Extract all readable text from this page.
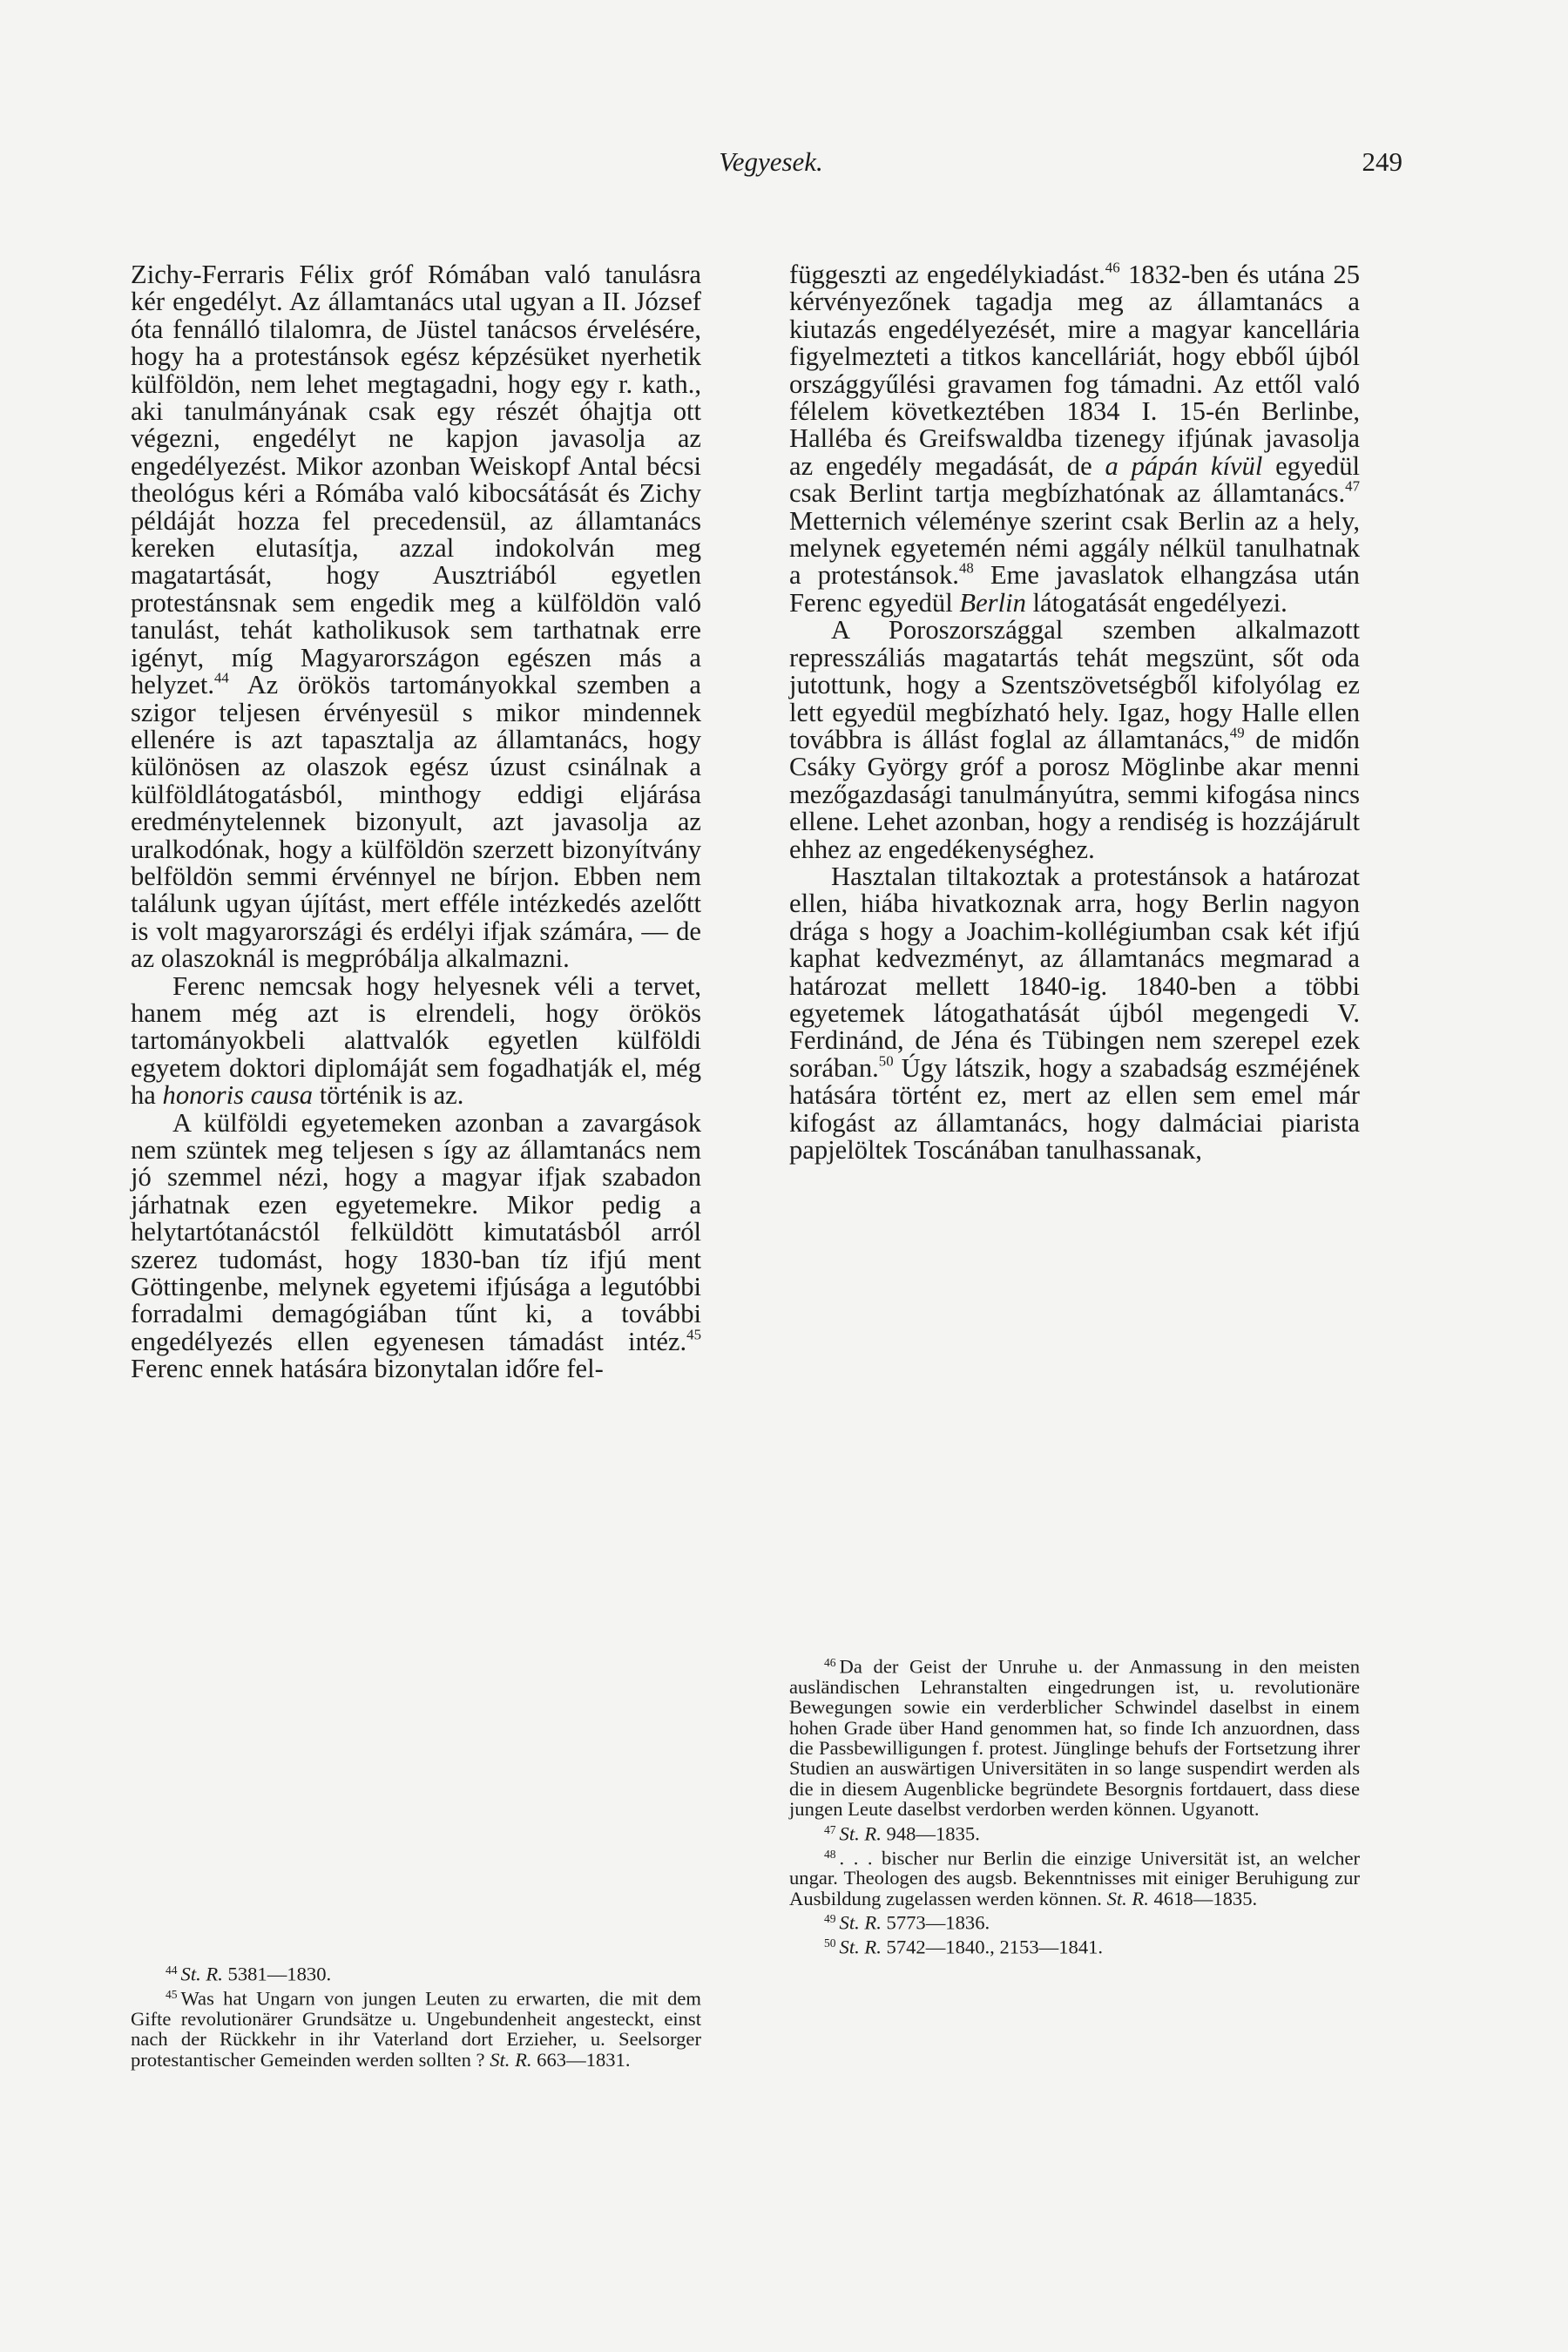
Vegyesek.	249

Zichy-Ferraris Félix gróf Rómában való tanulásra kér engedélyt. Az államtanács utal ugyan a II. József óta fennálló tilalomra, de Jüstel tanácsos érvelésére, hogy ha a protestánsok egész képzésüket nyerhetik külföldön, nem lehet megtagadni, hogy egy r. kath., aki tanulmányának csak egy részét óhajtja ott végezni, engedélyt ne kapjon javasolja az engedélyezést. Mikor azonban Weiskopf Antal bécsi theológus kéri a Rómába való kibocsátását és Zichy példáját hozza fel precedensül, az államtanács kereken elutasítja, azzal indokolván meg magatartását, hogy Ausztriából egyetlen protestánsnak sem engedik meg a külföldön való tanulást, tehát katholikusok sem tarthatnak erre igényt, míg Magyarországon egészen más a helyzet.$^{44}$ Az örökös tartományokkal szemben a szigor teljesen érvényesül s mikor mindennek ellenére is azt tapasztalja az államtanács, hogy különösen az olaszok egész úzust csinálnak a külföldlátogatásból, minthogy eddigi eljárása eredménytelennek bizonyult, azt javasolja az uralkodónak, hogy a külföldön szerzett bizonyítvány belföldön semmi érvénnyel ne bírjon. Ebben nem találunk ugyan újítást, mert efféle intézkedés azelőtt is volt magyarországi és erdélyi ifjak számára, — de az olaszoknál is megpróbálja alkalmazni.

Ferenc nemcsak hogy helyesnek véli a tervet, hanem még azt is elrendeli, hogy örökös tartományokbeli alattvalók egyetlen külföldi egyetem doktori diplomáját sem fogadhatják el, még ha honoris causa történik is az.

A külföldi egyetemeken azonban a zavargások nem szüntek meg teljesen s így az államtanács nem jó szemmel nézi, hogy a magyar ifjak szabadon járhatnak ezen egyetemekre. Mikor pedig a helytartótanácstól felküldött kimutatásból arról szerez tudomást, hogy 1830-ban tíz ifjú ment Göttingenbe, melynek egyetemi ifjúsága a legutóbbi forradalmi demagógiában tűnt ki, a további engedélyezés ellen egyenesen támadást intéz.$^{45}$ Ferenc ennek hatására bizonytalan időre fel-

függeszti az engedélykiadást.$^{46}$ 1832-ben és utána 25 kérvényezőnek tagadja meg az államtanács a kiutazás engedélyezését, mire a magyar kancellária figyelmezteti a titkos kancelláriát, hogy ebből újból országgyűlési gravamen fog támadni. Az ettől való félelem következtében 1834 I. 15-én Berlinbe, Hallébа és Greifswaldba tizenegy ifjúnak javasolja az engedély megadását, de a pápán kívül egyedül csak Berlint tartja megbízhatónak az államtanács.$^{47}$ Metternich véleménye szerint csak Berlin az a hely, melynek egyetemén némi aggály nélkül tanulhatnak a protestánsok.$^{48}$ Eme javaslatok elhangzása után Ferenc egyedül Berlin látogatását engedélyezi.

A Poroszországgal szemben alkalmazott represszáliás magatartás tehát megszünt, sőt oda jutottunk, hogy a Szentszövetségből kifolyólag ez lett egyedül megbízható hely. Igaz, hogy Halle ellen továbbra is állást foglal az államtanács,$^{49}$ de midőn Csáky György gróf a porosz Möglinbe akar menni mezőgazdasági tanulmányútra, semmi kifogása nincs ellene. Lehet azonban, hogy a rendiség is hozzájárult ehhez az engedékenységhez.

Hasztalan tiltakoztak a protestánsok a határozat ellen, hiába hivatkoznak arra, hogy Berlin nagyon drága s hogy a Joachim-kollégiumban csak két ifjú kaphat kedvezményt, az államtanács megmarad a határozat mellett 1840-ig. 1840-ben a többi egyetemek látogathatását újból megengedi V. Ferdinánd, de Jéna és Tübingen nem szerepel ezek sorában.$^{50}$ Úgy látszik, hogy a szabadság eszméjének hatására történt ez, mert az ellen sem emel már kifogást az államtanács, hogy dalmáciai piarista papjelöltek Toscánában tanulhassanak,

$^{44}$ St. R. 5381—1830.

$^{45}$ Was hat Ungarn von jungen Leuten zu erwarten, die mit dem Gifte revolutionärer Grundsätze u. Ungebundenheit angesteckt, einst nach der Rückkehr in ihr Vaterland dort Erzieher, u. Seelsorger protestantischer Gemeinden werden sollten ? St. R. 663—1831.

$^{46}$ Da der Geist der Unruhe u. der Anmassung in den meisten ausländischen Lehranstalten eingedrungen ist, u. revolutionäre Bewegungen sowie ein verderblicher Schwindel daselbst in einem hohen Grade über Hand genommen hat, so finde Ich anzuordnen, dass die Passbewilligungen f. protest. Jünglinge behufs der Fortsetzung ihrer Studien an auswärtigen Universitäten in so lange suspendirt werden als die in diesem Augenblicke begründete Besorgnis fortdauert, dass diese jungen Leute daselbst verdorben werden können. Ugyanott.

$^{47}$ St. R. 948—1835.

$^{48}$ . . . bischer nur Berlin die einzige Universität ist, an welcher ungar. Theologen des augsb. Bekenntnisses mit einiger Beruhigung zur Ausbildung zugelassen werden können. St. R. 4618—1835.

$^{49}$ St. R. 5773—1836.

$^{50}$ St. R. 5742—1840., 2153—1841.
